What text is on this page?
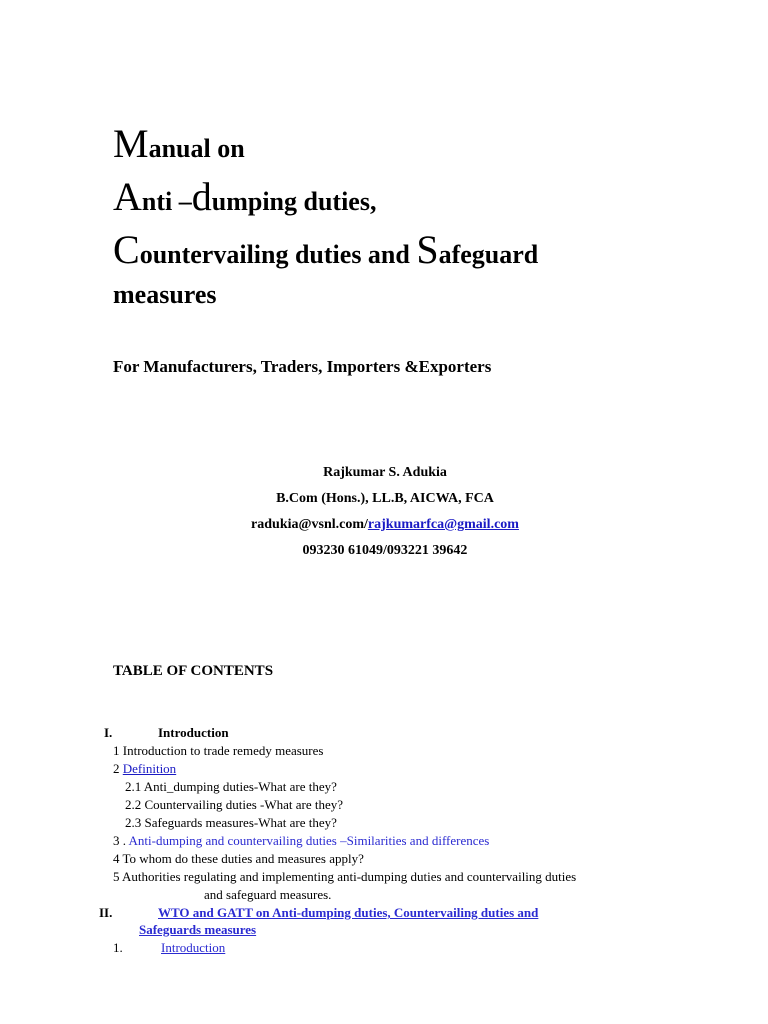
Manual on
Anti –dumping duties,
Countervailing duties and Safeguard
measures
For Manufacturers, Traders, Importers &Exporters
Rajkumar S. Adukia
B.Com (Hons.), LL.B, AICWA, FCA
radukia@vsnl.com/rajkumarfca@gmail.com
093230 61049/093221 39642
TABLE OF CONTENTS
I.	Introduction
1 Introduction to trade remedy measures
2 Definition
2.1 Anti_dumping duties-What are they?
2.2 Countervailing duties -What are they?
2.3 Safeguards measures-What are they?
3 . Anti-dumping and countervailing duties –Similarities and differences
4 To whom do these duties and measures apply?
5 Authorities regulating and implementing anti-dumping duties and countervailing duties
and safeguard measures.
II.	WTO and GATT on Anti-dumping duties, Countervailing duties and
Safeguards measures
1.	Introduction
